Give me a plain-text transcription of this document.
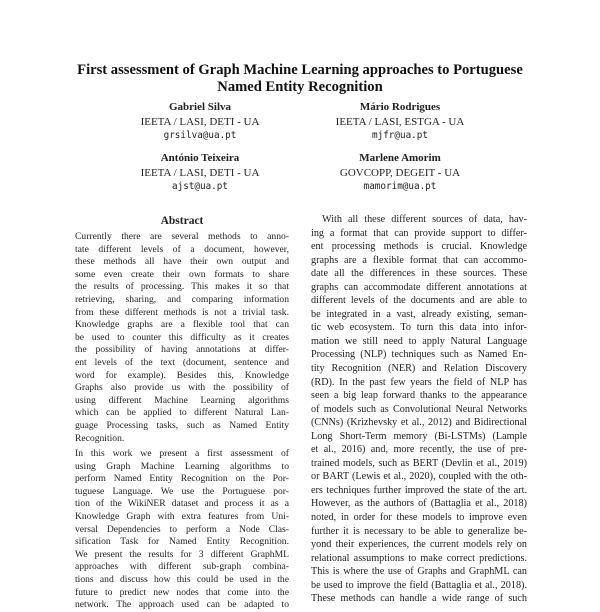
First assessment of Graph Machine Learning approaches to Portuguese
Named Entity Recognition
Gabriel Silva
IEETA / LASI, DETI - UA
grsilva@ua.pt
Mário Rodrigues
IEETA / LASI, ESTGA - UA
mjfr@ua.pt
António Teixeira
IEETA / LASI, DETI - UA
ajst@ua.pt
Marlene Amorim
GOVCOPP, DEGEIT - UA
mamorim@ua.pt
Abstract
Currently there are several methods to anno-
tate different levels of a document, however,
these methods all have their own output and
some even create their own formats to share
the results of processing. This makes it so that
retrieving, sharing, and comparing information
from these different methods is not a trivial task.
Knowledge graphs are a flexible tool that can
be used to counter this difficulty as it creates
the possibility of having annotations at differ-
ent levels of the text (document, sentence and
word for example). Besides this, Knowledge
Graphs also provide us with the possibility of
using different Machine Learning algorithms
which can be applied to different Natural Lan-
guage Processing tasks, such as Named Entity
Recognition.
In this work we present a first assessment of
using Graph Machine Learning algorithms to
perform Named Entity Recognition on the Por-
tuguese Language. We use the Portuguese por-
tion of the WikiNER dataset and process it as a
Knowledge Graph with extra features from Uni-
versal Dependencies to perform a Node Clas-
sification Task for Named Entity Recognition.
We present the results for 3 different GraphML
approaches with different sub-graph combina-
tions and discuss how this could be used in the
future to predict new nodes that come into the
network. The approach used can be adapted to
With all these different sources of data, hav-
ing a format that can provide support to differ-
ent processing methods is crucial. Knowledge
graphs are a flexible format that can accommo-
date all the differences in these sources. These
graphs can accommodate different annotations at
different levels of the documents and are able to
be integrated in a vast, already existing, seman-
tic web ecosystem. To turn this data into infor-
mation we still need to apply Natural Language
Processing (NLP) techniques such as Named En-
tity Recognition (NER) and Relation Discovery
(RD). In the past few years the field of NLP has
seen a big leap forward thanks to the appearance
of models such as Convolutional Neural Networks
(CNNs) (Krizhevsky et al., 2012) and Bidirectional
Long Short-Term memory (Bi-LSTMs) (Lample
et al., 2016) and, more recently, the use of pre-
trained models, such as BERT (Devlin et al., 2019)
or BART (Lewis et al., 2020), coupled with the oth-
ers techniques further improved the state of the art.
However, as the authors of (Battaglia et al., 2018)
noted, in order for these models to improve even
further it is necessary to be able to generalize be-
yond their experiences, the current models rely on
relational assumptions to make correct predictions.
This is where the use of Graphs and GraphML can
be used to improve the field (Battaglia et al., 2018).
These methods can handle a wide range of such
